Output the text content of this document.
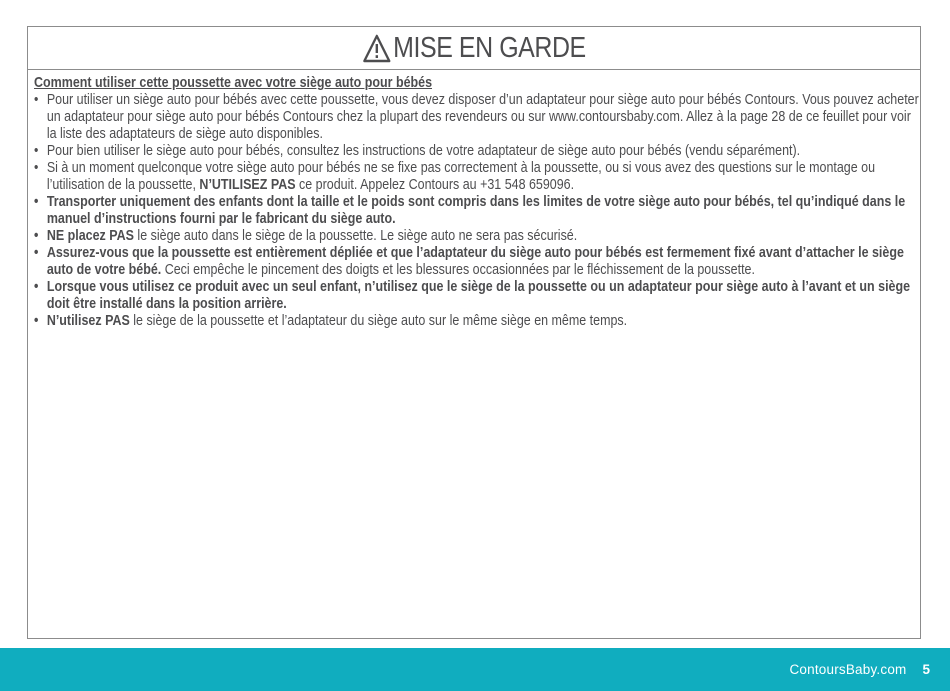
MISE EN GARDE

Comment utiliser cette poussette avec votre siège auto pour bébés

• Pour utiliser un siège auto pour bébés avec cette poussette, vous devez disposer d’un adaptateur pour siège auto pour bébés Contours. Vous pouvez acheter un adaptateur pour siège auto pour bébés Contours chez la plupart des revendeurs ou sur www.contoursbaby.com. Allez à la page 28 de ce feuillet pour voir la liste des adaptateurs de siège auto disponibles.
• Pour bien utiliser le siège auto pour bébés, consultez les instructions de votre adaptateur de siège auto pour bébés (vendu séparément).
• Si à un moment quelconque votre siège auto pour bébés ne se fixe pas correctement à la poussette, ou si vous avez des questions sur le montage ou l’utilisation de la poussette, N’UTILISEZ PAS ce produit. Appelez Contours au +31 548 659096.
• Transporter uniquement des enfants dont la taille et le poids sont compris dans les limites de votre siège auto pour bébés, tel qu’indiqué dans le manuel d’instructions fourni par le fabricant du siège auto.
• NE placez PAS le siège auto dans le siège de la poussette. Le siège auto ne sera pas sécurisé.
• Assurez-vous que la poussette est entièrement dépliée et que l’adaptateur du siège auto pour bébés est fermement fixé avant d’attacher le siège auto de votre bébé. Ceci empêche le pincement des doigts et les blessures occasionnées par le fléchissement de la poussette.
• Lorsque vous utilisez ce produit avec un seul enfant, n’utilisez que le siège de la poussette ou un adaptateur pour siège auto à l’avant et un siège doit être installé dans la position arrière.
• N’utilisez PAS le siège de la poussette et l’adaptateur du siège auto sur le même siège en même temps.
ContoursBaby.com 5
